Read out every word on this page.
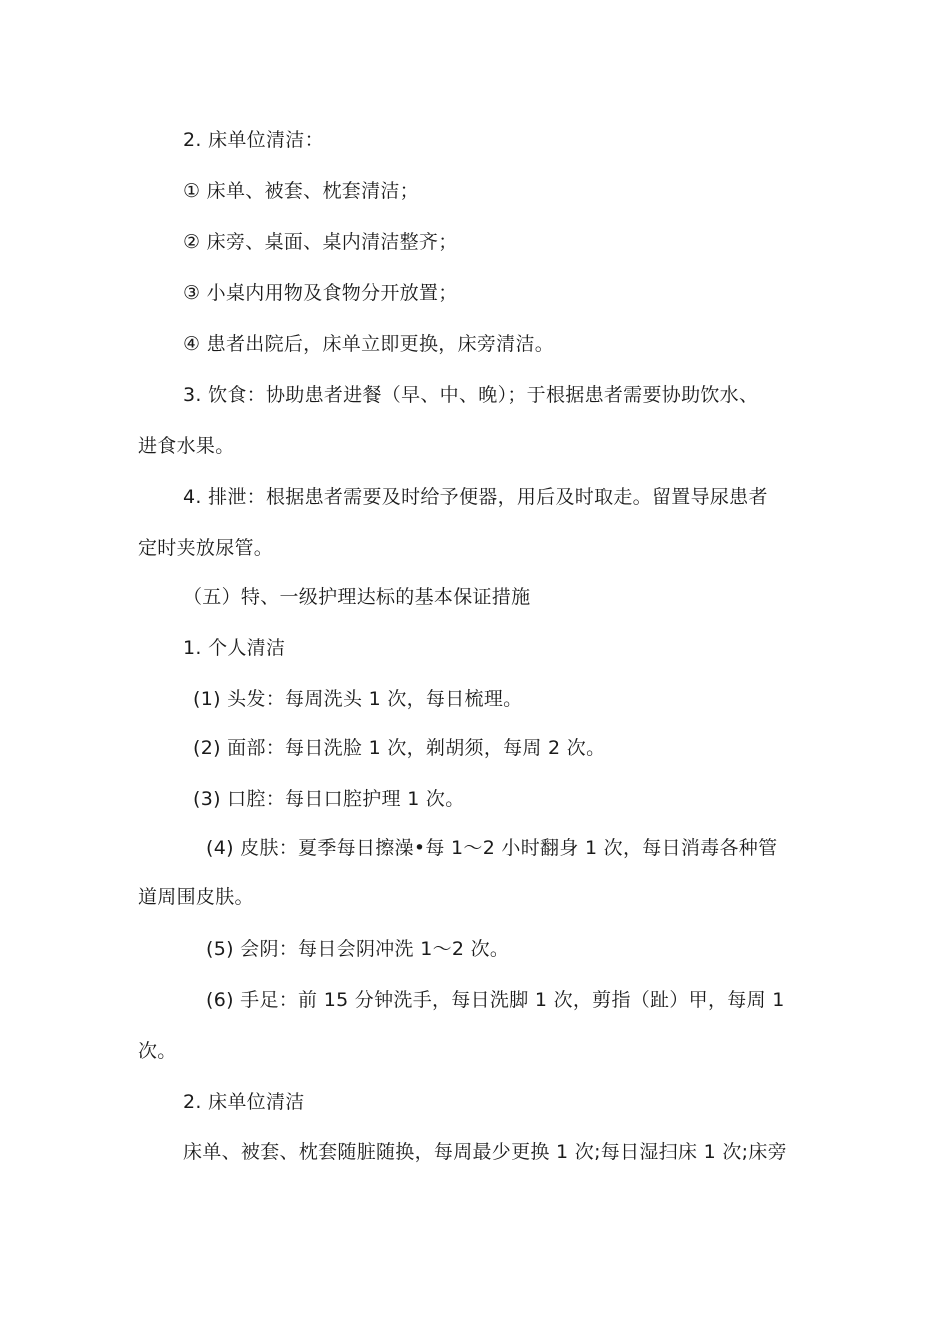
2. 床单位清洁：
① 床单、被套、枕套清洁；
② 床旁、桌面、桌内清洁整齐；
③ 小桌内用物及食物分开放置；
④ 患者出院后，床单立即更换，床旁清洁。
3. 饮食：协助患者进餐（早、中、晚）；于根据患者需要协助饮水、
进食水果。
4. 排泄：根据患者需要及时给予便器，用后及时取走。留置导尿患者
定时夹放尿管。
（五）特、一级护理达标的基本保证措施
1. 个人清洁
(1) 头发：每周洗头 1 次，每日梳理。
(2) 面部：每日洗脸 1 次，剃胡须，每周 2 次。
(3) 口腔：每日口腔护理 1 次。
(4) 皮肤：夏季每日擦澡•每 1〜2 小时翻身 1 次，每日消毒各种管
道周围皮肤。
(5) 会阴：每日会阴冲洗 1〜2 次。
(6) 手足：前 15 分钟洗手，每日洗脚 1 次，剪指（趾）甲，每周 1
次。
2. 床单位清洁
床单、被套、枕套随脏随换，每周最少更换 1 次;每日湿扫床 1 次;床旁
